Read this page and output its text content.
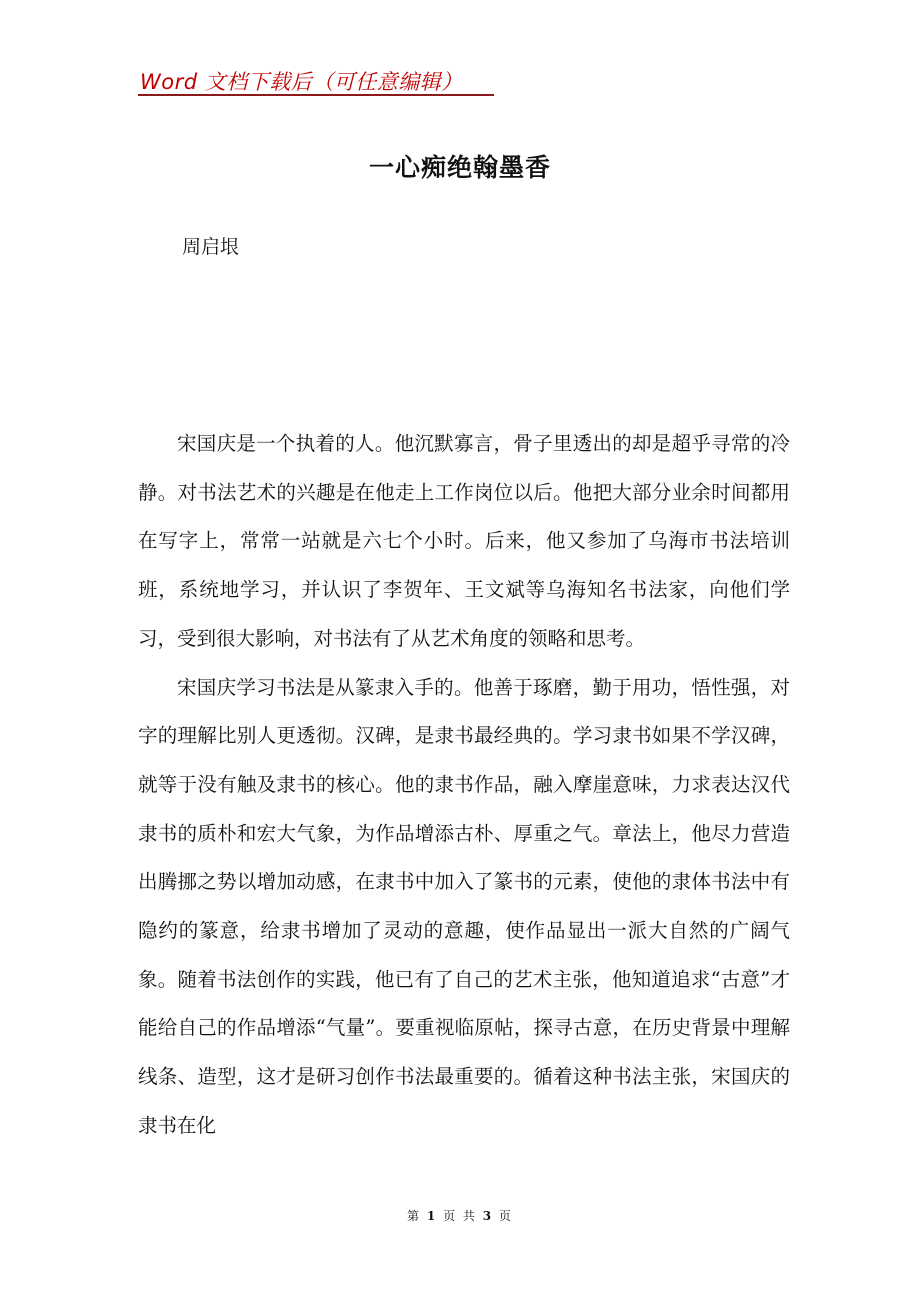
Word 文档下载后（可任意编辑）
一心痴绝翰墨香
周启垠

宋国庆是一个执着的人。他沉默寡言，骨子里透出的却是超乎寻常的冷静。对书法艺术的兴趣是在他走上工作岗位以后。他把大部分业余时间都用在写字上，常常一站就是六七个小时。后来，他又参加了乌海市书法培训班，系统地学习，并认识了李贺年、王文斌等乌海知名书法家，向他们学习，受到很大影响，对书法有了从艺术角度的领略和思考。

宋国庆学习书法是从篆隶入手的。他善于琢磨，勤于用功，悟性强，对字的理解比别人更透彻。汉碑，是隶书最经典的。学习隶书如果不学汉碑，就等于没有触及隶书的核心。他的隶书作品，融入摩崖意味，力求表达汉代隶书的质朴和宏大气象，为作品增添古朴、厚重之气。章法上，他尽力营造出腾挪之势以增加动感，在隶书中加入了篆书的元素，使他的隶体书法中有隐约的篆意，给隶书增加了灵动的意趣，使作品显出一派大自然的广阔气象。随着书法创作的实践，他已有了自己的艺术主张，他知道追求“古意”才能给自己的作品增添“气量”。要重视临原帖，探寻古意，在历史背景中理解线条、造型，这才是研习创作书法最重要的。循着这种书法主张，宋国庆的隶书在化

第 1 页 共 3 页
